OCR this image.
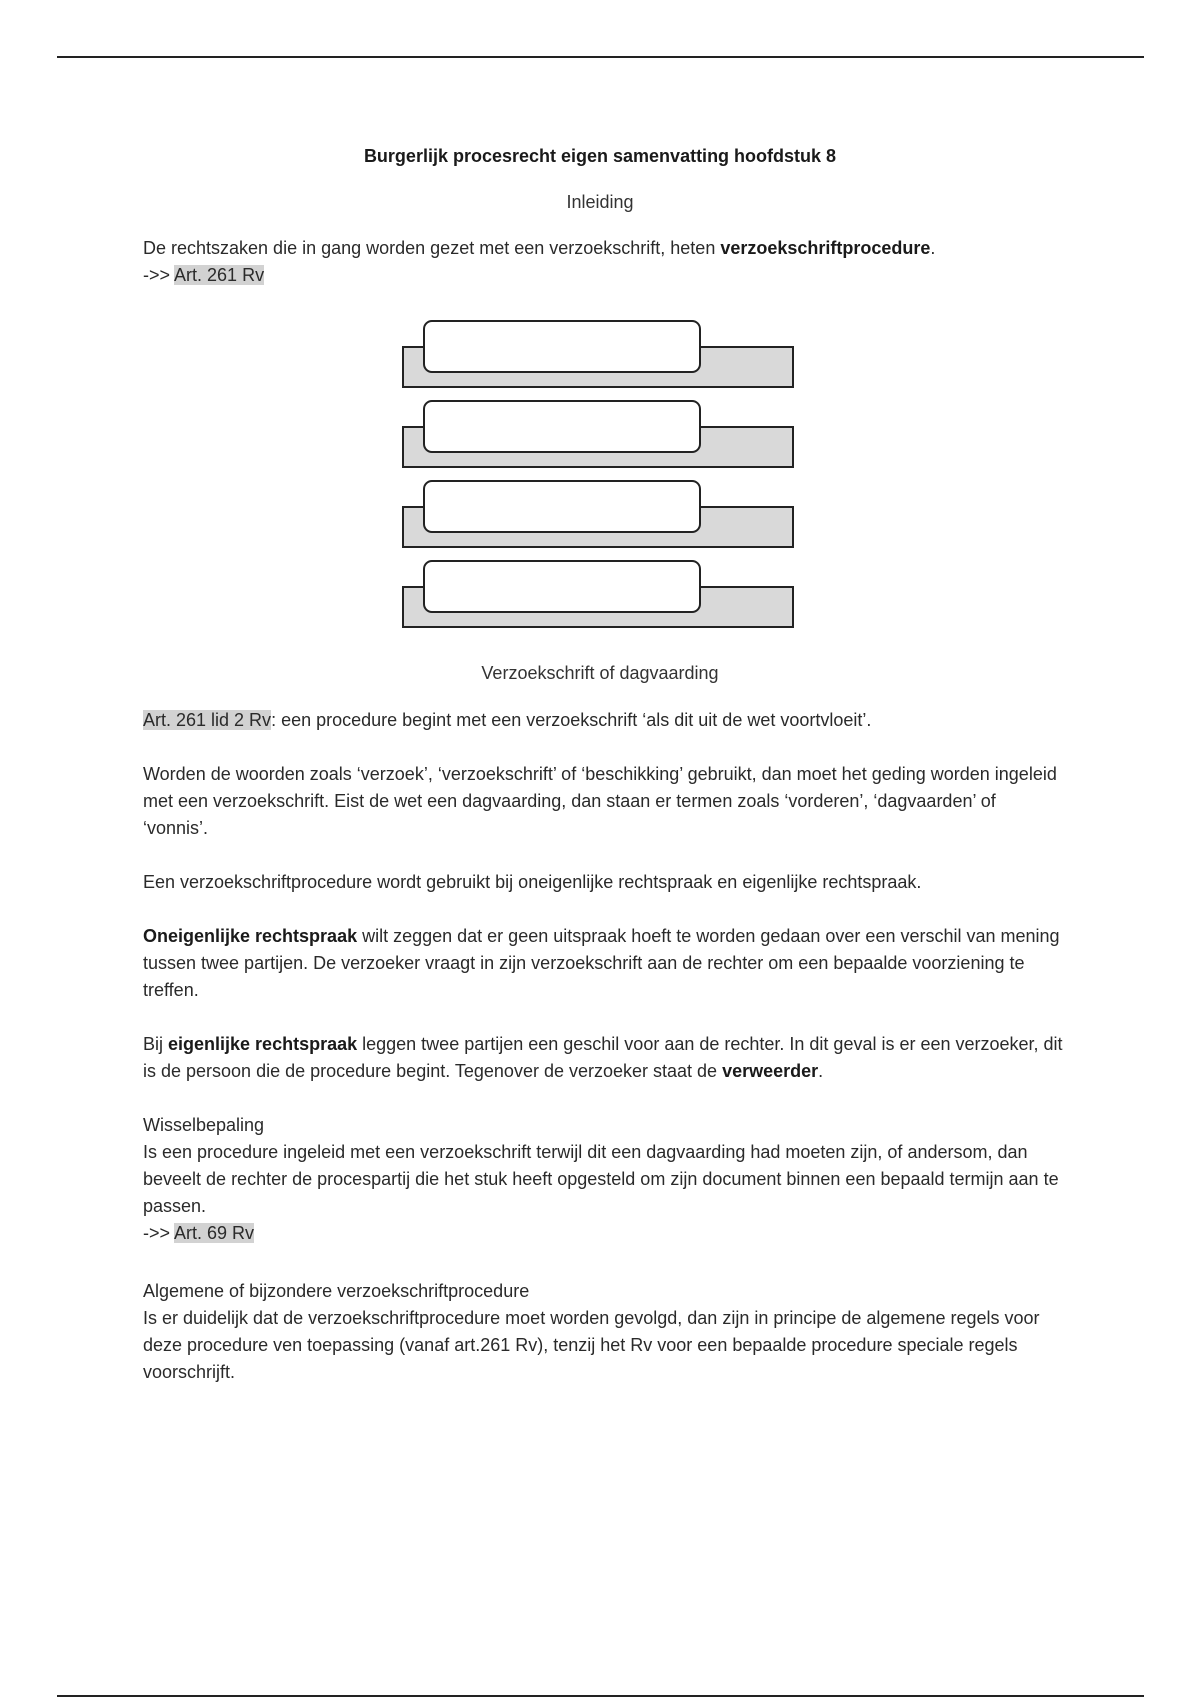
Burgerlijk procesrecht eigen samenvatting hoofdstuk 8
Inleiding

De rechtszaken die in gang worden gezet met een verzoekschrift, heten verzoekschriftprocedure.

->> Art. 261 Rv

Verzoekschrift of dagvaarding

Art. 261 lid 2 Rv: een procedure begint met een verzoekschrift ‘als dit uit de wet voortvloeit’.

Worden de woorden zoals ‘verzoek’, ‘verzoekschrift’ of ‘beschikking’ gebruikt, dan moet het geding worden ingeleid met een verzoekschrift. Eist de wet een dagvaarding, dan staan er termen zoals ‘vorderen’, ‘dagvaarden’ of ‘vonnis’.

Een verzoekschriftprocedure wordt gebruikt bij oneigenlijke rechtspraak en eigenlijke rechtspraak.

Oneigenlijke rechtspraak wilt zeggen dat er geen uitspraak hoeft te worden gedaan over een verschil van mening tussen twee partijen. De verzoeker vraagt in zijn verzoekschrift aan de rechter om een bepaalde voorziening te treffen.

Bij eigenlijke rechtspraak leggen twee partijen een geschil voor aan de rechter. In dit geval is er een verzoeker, dit is de persoon die de procedure begint. Tegenover de verzoeker staat de verweerder.

Wisselbepaling

Is een procedure ingeleid met een verzoekschrift terwijl dit een dagvaarding had moeten zijn, of andersom, dan beveelt de rechter de procespartij die het stuk heeft opgesteld om zijn document binnen een bepaald termijn aan te passen.

->> Art. 69 Rv

Algemene of bijzondere verzoekschriftprocedure

Is er duidelijk dat de verzoekschriftprocedure moet worden gevolgd, dan zijn in principe de algemene regels voor deze procedure ven toepassing (vanaf art.261 Rv), tenzij het Rv voor een bepaalde procedure speciale regels voorschrijft.
